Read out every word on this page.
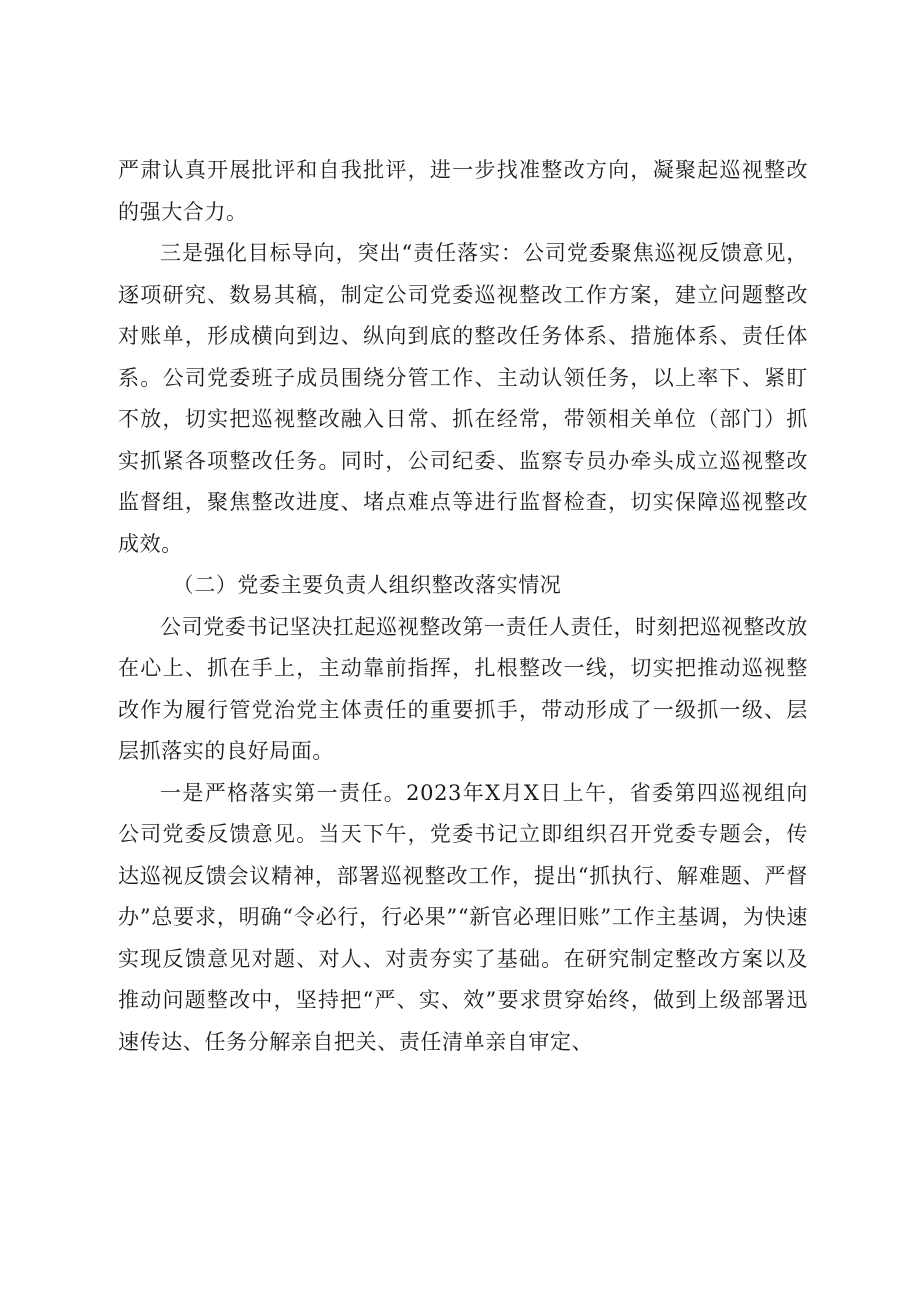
严肃认真开展批评和自我批评，进一步找准整改方向，凝聚起巡视整改的强大合力。

三是强化目标导向，突出“责任落实：公司党委聚焦巡视反馈意见，逐项研究、数易其稿，制定公司党委巡视整改工作方案，建立问题整改对账单，形成横向到边、纵向到底的整改任务体系、措施体系、责任体系。公司党委班子成员围绕分管工作、主动认领任务，以上率下、紧盯不放，切实把巡视整改融入日常、抓在经常，带领相关单位（部门）抓实抓紧各项整改任务。同时，公司纪委、监察专员办牵头成立巡视整改监督组，聚焦整改进度、堵点难点等进行监督检查，切实保障巡视整改成效。

（二）党委主要负责人组织整改落实情况

公司党委书记坚决扛起巡视整改第一责任人责任，时刻把巡视整改放在心上、抓在手上，主动靠前指挥，扎根整改一线，切实把推动巡视整改作为履行管党治党主体责任的重要抓手，带动形成了一级抓一级、层层抓落实的良好局面。

一是严格落实第一责任。2023年X月X日上午，省委第四巡视组向公司党委反馈意见。当天下午，党委书记立即组织召开党委专题会，传达巡视反馈会议精神，部署巡视整改工作，提出“抓执行、解难题、严督办”总要求，明确“令必行，行必果”“新官必理旧账”工作主基调，为快速实现反馈意见对题、对人、对责夯实了基础。在研究制定整改方案以及推动问题整改中，坚持把“严、实、效”要求贯穿始终，做到上级部署迅速传达、任务分解亲自把关、责任清单亲自审定、
